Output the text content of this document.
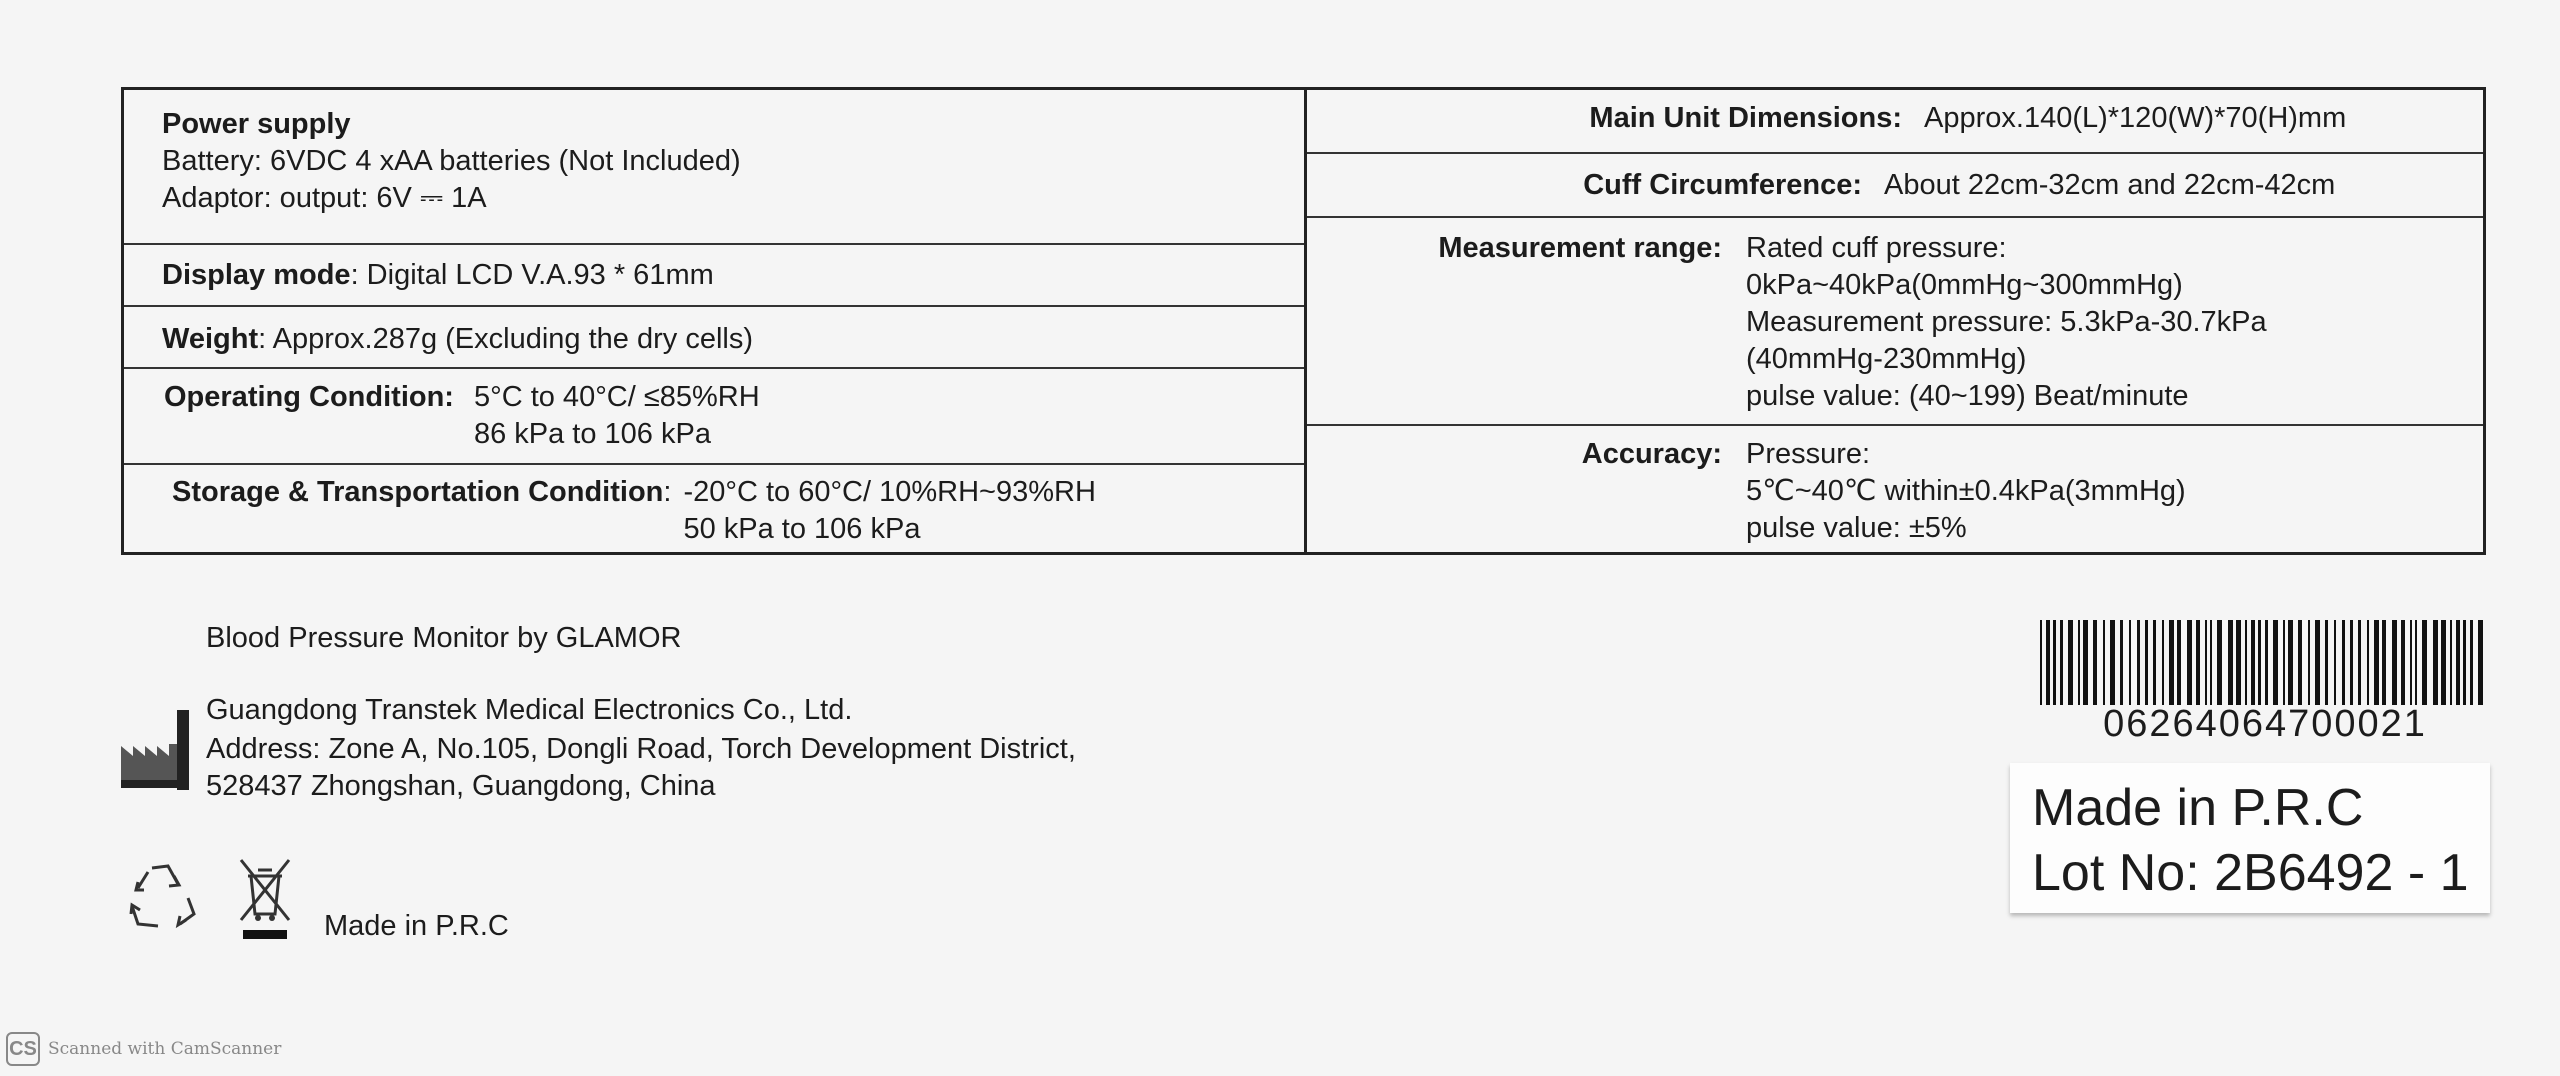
Power supply
Battery: 6VDC 4 xAA batteries (Not Included)
Adaptor: output: 6V ⎓ 1A
Display mode: Digital LCD V.A.93 * 61mm
Weight: Approx.287g (Excluding the dry cells)
Operating Condition: 5°C to 40°C/ ≤85%RH
86 kPa to 106 kPa
Storage & Transportation Condition: -20°C to 60°C/ 10%RH~93%RH
50 kPa to 106 kPa
Main Unit Dimensions: Approx.140(L)*120(W)*70(H)mm
Cuff Circumference: About 22cm-32cm and 22cm-42cm
Measurement range: Rated cuff pressure:
0kPa~40kPa(0mmHg~300mmHg)
Measurement pressure: 5.3kPa-30.7kPa
(40mmHg-230mmHg)
pulse value: (40~199) Beat/minute
Accuracy: Pressure:
5℃~40℃ within±0.4kPa(3mmHg)
pulse value: ±5%
Blood Pressure Monitor by GLAMOR
Guangdong Transtek Medical Electronics Co., Ltd.
Address: Zone A, No.105, Dongli Road, Torch Development District,
528437 Zhongshan, Guangdong, China
Made in P.R.C
06264064700021
Made in P.R.C
Lot No: 2B6492 - 1
CS Scanned with CamScanner
